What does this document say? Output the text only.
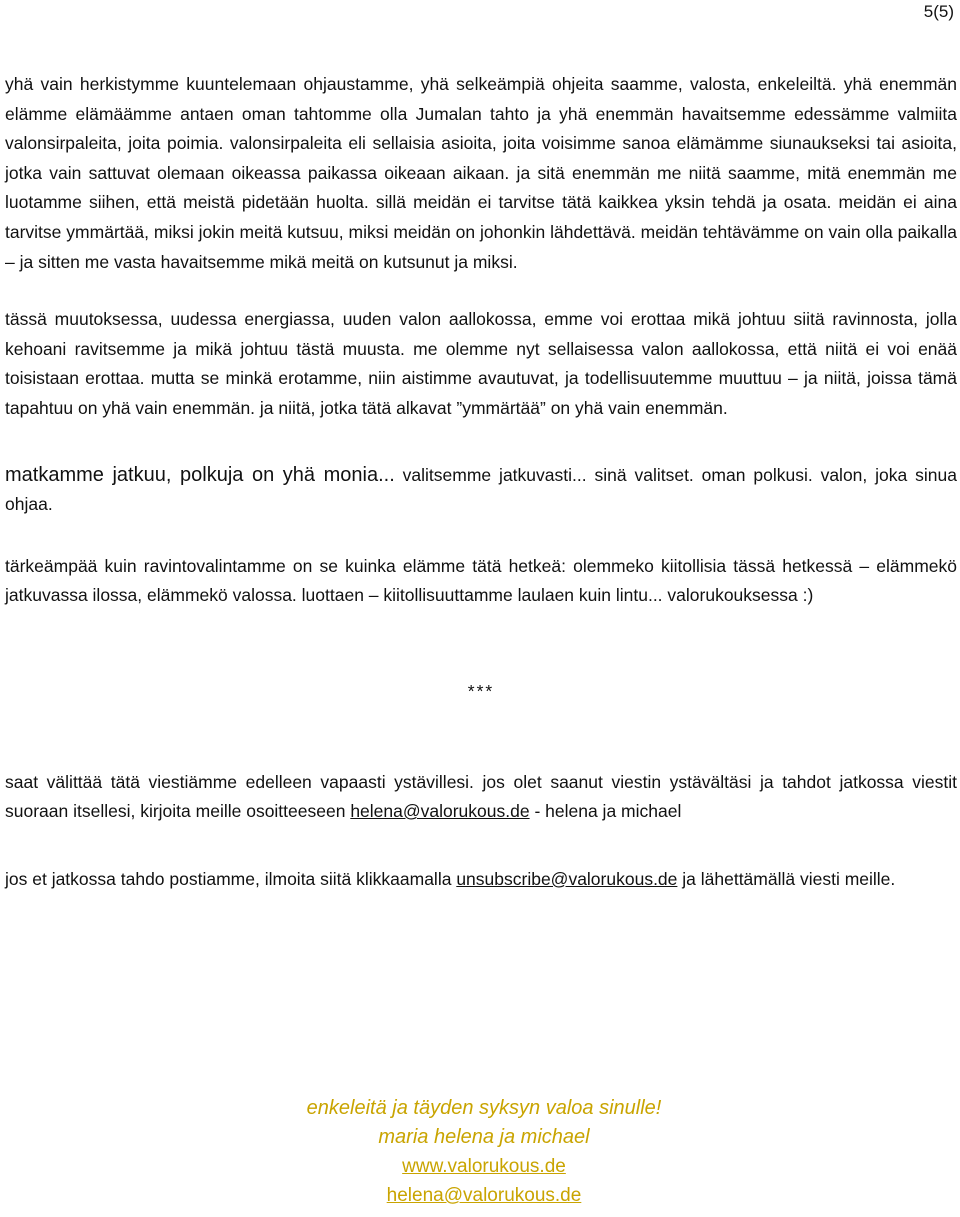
5(5)

yhä vain herkistymme kuuntelemaan ohjaustamme, yhä selkeämpiä ohjeita saamme, valosta, enkeleiltä. yhä enemmän elämme elämäämme antaen oman tahtomme olla Jumalan tahto ja yhä enemmän havaitsemme edessämme valmiita valonsirpaleita, joita poimia. valonsirpaleita eli sellaisia asioita, joita voisimme sanoa elämämme siunaukseksi tai asioita, jotka vain sattuvat olemaan oikeassa paikassa oikeaan aikaan. ja sitä enemmän me niitä saamme, mitä enemmän me luotamme siihen, että meistä pidetään huolta. sillä meidän ei tarvitse tätä kaikkea yksin tehdä ja osata. meidän ei aina tarvitse ymmärtää, miksi jokin meitä kutsuu, miksi meidän on johonkin lähdettävä. meidän tehtävämme on vain olla paikalla – ja sitten me vasta havaitsemme mikä meitä on kutsunut ja miksi.

tässä muutoksessa, uudessa energiassa, uuden valon aallokossa, emme voi erottaa mikä johtuu siitä ravinnosta, jolla kehoani ravitsemme ja mikä johtuu tästä muusta. me olemme nyt sellaisessa valon aallokossa, että niitä ei voi enää toisistaan erottaa. mutta se minkä erotamme, niin aistimme avautuvat, ja todellisuutemme muuttuu – ja niitä, joissa tämä tapahtuu on yhä vain enemmän. ja niitä, jotka tätä alkavat ”ymmärtää” on yhä vain enemmän.

matkamme jatkuu, polkuja on yhä monia... valitsemme jatkuvasti... sinä valitset. oman polkusi. valon, joka sinua ohjaa.

tärkeämpää kuin ravintovalintamme on se kuinka elämme tätä hetkeä: olemmeko kiitollisia tässä hetkessä – elämmekö jatkuvassa ilossa, elämmekö valossa. luottaen – kiitollisuuttamme laulaen kuin lintu... valorukouksessa :)

***

saat välittää tätä viestiämme edelleen vapaasti ystävillesi. jos olet saanut viestin ystävältäsi ja tahdot jatkossa viestit suoraan itsellesi, kirjoita meille osoitteeseen helena@valorukous.de - helena ja michael

jos et jatkossa tahdo postiamme, ilmoita siitä klikkaamalla unsubscribe@valorukous.de ja lähettämällä viesti meille.

enkeleitä ja täyden syksyn valoa sinulle!
maria helena ja michael
www.valorukous.de
helena@valorukous.de
